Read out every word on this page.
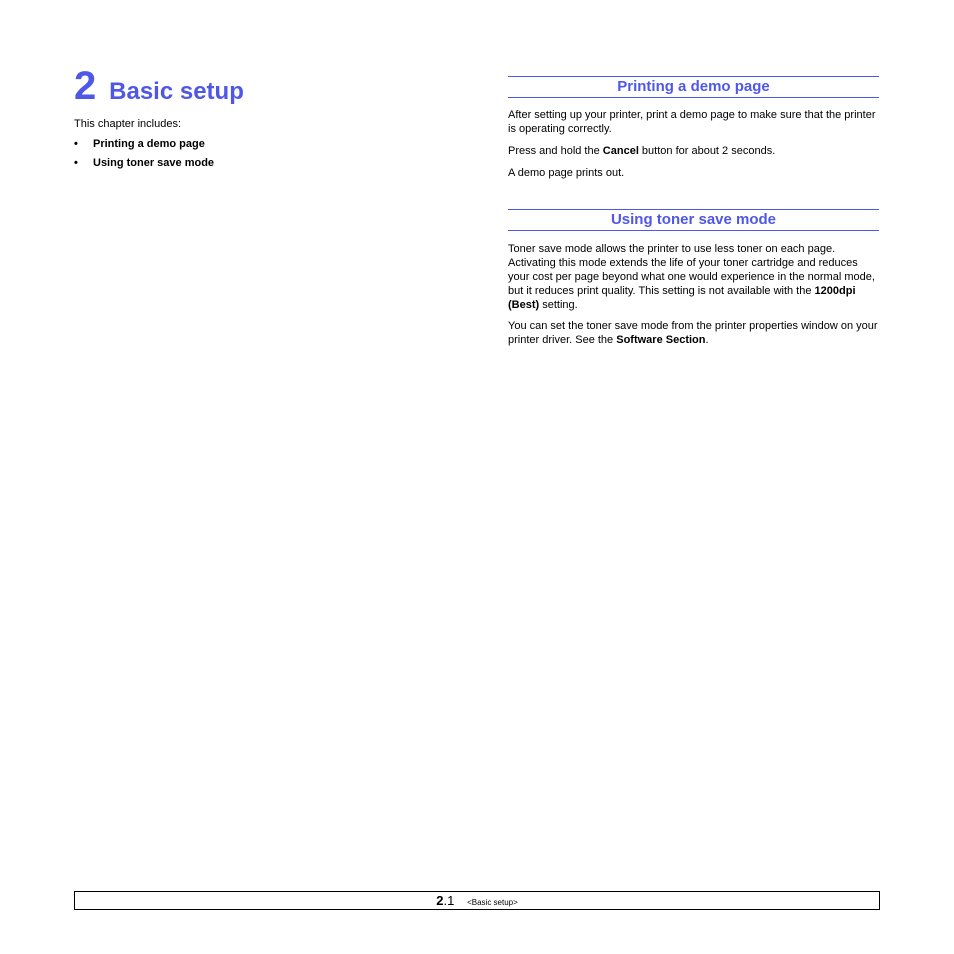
2 Basic setup

This chapter includes:

• Printing a demo page
• Using toner save mode
Printing a demo page

After setting up your printer, print a demo page to make sure that the printer is operating correctly.

Press and hold the Cancel button for about 2 seconds.

A demo page prints out.

Using toner save mode

Toner save mode allows the printer to use less toner on each page. Activating this mode extends the life of your toner cartridge and reduces your cost per page beyond what one would experience in the normal mode, but it reduces print quality. This setting is not available with the 1200dpi (Best) setting.

You can set the toner save mode from the printer properties window on your printer driver. See the Software Section.

2.1 <Basic setup>
